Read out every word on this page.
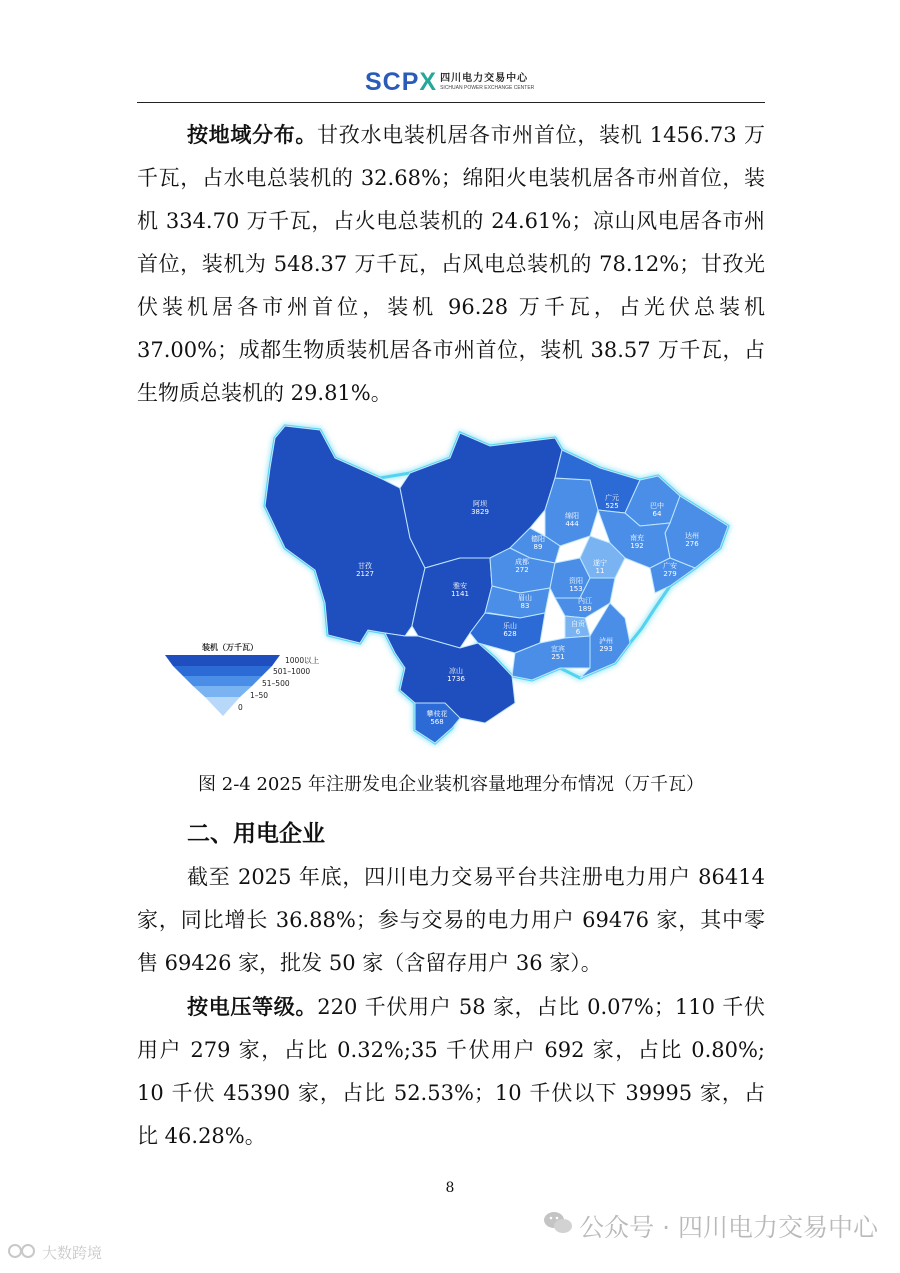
SCPX 四川电力交易中心
SICHUAN POWER EXCHANGE CENTER

按地域分布。甘孜水电装机居各市州首位，装机 1456.73 万千瓦，占水电总装机的 32.68%；绵阳火电装机居各市州首位，装机 334.70 万千瓦，占火电总装机的 24.61%；凉山风电居各市州首位，装机为 548.37 万千瓦，占风电总装机的 78.12%；甘孜光伏装机居各市州首位，装机 96.28 万千瓦，占光伏总装机 37.00%；成都生物质装机居各市州首位，装机 38.57 万千瓦，占生物质总装机的 29.81%。

阿坝
3829
甘孜
2127
雅安
1141
凉山
1736
攀枝花
568
广元
525
绵阳
444
巴中
64
南充
192
达州
276
德阳
89
成都
272
遂宁
11
广安
279
资阳
153
眉山
83
内江
189
乐山
628
自贡
6
宜宾
251
泸州
293
装机（万千瓦）
1000以上
501–1000
51–500
1–50
0
图 2-4 2025 年注册发电企业装机容量地理分布情况（万千瓦）
二、用电企业

截至 2025 年底，四川电力交易平台共注册电力用户 86414 家，同比增长 36.88%；参与交易的电力用户 69476 家，其中零售 69426 家，批发 50 家（含留存用户 36 家）。

按电压等级。220 千伏用户 58 家，占比 0.07%；110 千伏用户 279 家，占比 0.32%;35 千伏用户 692 家，占比 0.80%; 10 千伏 45390 家，占比 52.53%；10 千伏以下 39995 家，占比 46.28%。

8
公众号 · 四川电力交易中心
大数跨境
